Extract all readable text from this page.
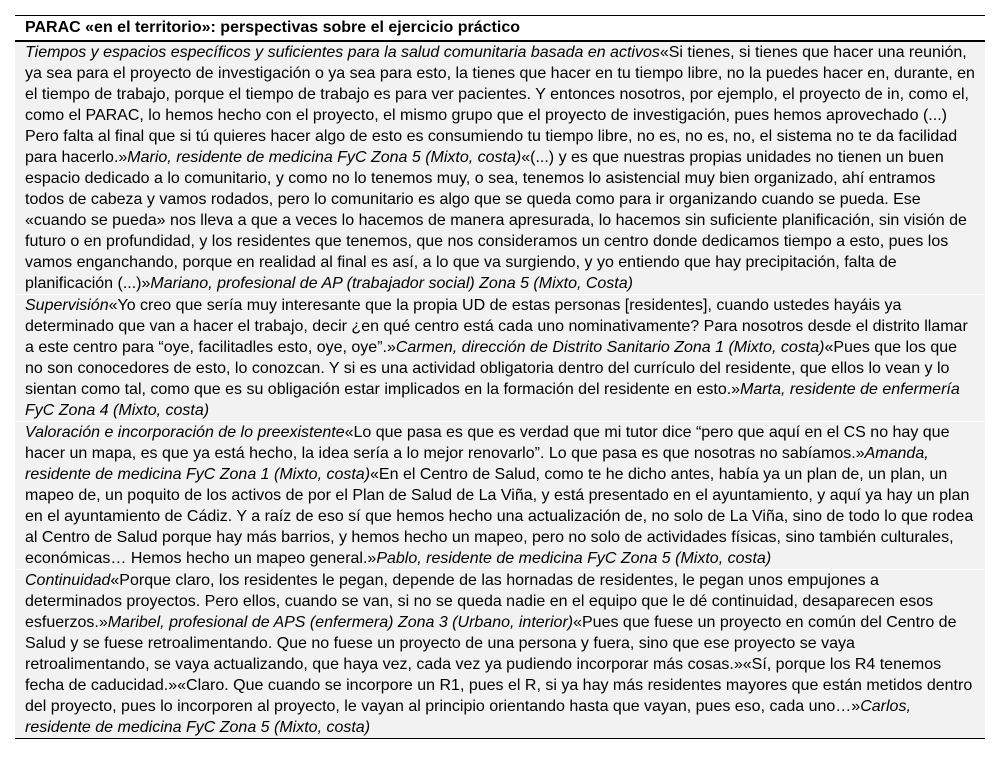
PARAC «en el territorio»: perspectivas sobre el ejercicio práctico

Tiempos y espacios específicos y suficientes para la salud comunitaria basada en activos«Si tienes, si tienes que hacer una reunión, ya sea para el proyecto de investigación o ya sea para esto, la tienes que hacer en tu tiempo libre, no la puedes hacer en, durante, en el tiempo de trabajo, porque el tiempo de trabajo es para ver pacientes. Y entonces nosotros, por ejemplo, el proyecto de in, como el, como el PARAC, lo hemos hecho con el proyecto, el mismo grupo que el proyecto de investigación, pues hemos aprovechado (...) Pero falta al final que si tú quieres hacer algo de esto es consumiendo tu tiempo libre, no es, no es, no, el sistema no te da facilidad para hacerlo.»Mario, residente de medicina FyC Zona 5 (Mixto, costa)«(...) y es que nuestras propias unidades no tienen un buen espacio dedicado a lo comunitario, y como no lo tenemos muy, o sea, tenemos lo asistencial muy bien organizado, ahí entramos todos de cabeza y vamos rodados, pero lo comunitario es algo que se queda como para ir organizando cuando se pueda. Ese «cuando se pueda» nos lleva a que a veces lo hacemos de manera apresurada, lo hacemos sin suficiente planificación, sin visión de futuro o en profundidad, y los residentes que tenemos, que nos consideramos un centro donde dedicamos tiempo a esto, pues los vamos enganchando, porque en realidad al final es así, a lo que va surgiendo, y yo entiendo que hay precipitación, falta de planificación (...)»Mariano, profesional de AP (trabajador social) Zona 5 (Mixto, Costa)

Supervisión«Yo creo que sería muy interesante que la propia UD de estas personas [residentes], cuando ustedes hayáis ya determinado que van a hacer el trabajo, decir ¿en qué centro está cada uno nominativamente? Para nosotros desde el distrito llamar a este centro para “oye, facilitadles esto, oye, oye”.»Carmen, dirección de Distrito Sanitario Zona 1 (Mixto, costa)«Pues que los que no son conocedores de esto, lo conozcan. Y si es una actividad obligatoria dentro del currículo del residente, que ellos lo vean y lo sientan como tal, como que es su obligación estar implicados en la formación del residente en esto.»Marta, residente de enfermería FyC Zona 4 (Mixto, costa)

Valoración e incorporación de lo preexistente«Lo que pasa es que es verdad que mi tutor dice “pero que aquí en el CS no hay que hacer un mapa, es que ya está hecho, la idea sería a lo mejor renovarlo”. Lo que pasa es que nosotras no sabíamos.»Amanda, residente de medicina FyC Zona 1 (Mixto, costa)«En el Centro de Salud, como te he dicho antes, había ya un plan de, un plan, un mapeo de, un poquito de los activos de por el Plan de Salud de La Viña, y está presentado en el ayuntamiento, y aquí ya hay un plan en el ayuntamiento de Cádiz. Y a raíz de eso sí que hemos hecho una actualización de, no solo de La Viña, sino de todo lo que rodea al Centro de Salud porque hay más barrios, y hemos hecho un mapeo, pero no solo de actividades físicas, sino también culturales, económicas… Hemos hecho un mapeo general.»Pablo, residente de medicina FyC Zona 5 (Mixto, costa)

Continuidad«Porque claro, los residentes le pegan, depende de las hornadas de residentes, le pegan unos empujones a determinados proyectos. Pero ellos, cuando se van, si no se queda nadie en el equipo que le dé continuidad, desaparecen esos esfuerzos.»Maribel, profesional de APS (enfermera) Zona 3 (Urbano, interior)«Pues que fuese un proyecto en común del Centro de Salud y se fuese retroalimentando. Que no fuese un proyecto de una persona y fuera, sino que ese proyecto se vaya retroalimentando, se vaya actualizando, que haya vez, cada vez ya pudiendo incorporar más cosas.»«Sí, porque los R4 tenemos fecha de caducidad.»«Claro. Que cuando se incorpore un R1, pues el R, si ya hay más residentes mayores que están metidos dentro del proyecto, pues lo incorporen al proyecto, le vayan al principio orientando hasta que vayan, pues eso, cada uno…»Carlos, residente de medicina FyC Zona 5 (Mixto, costa)
